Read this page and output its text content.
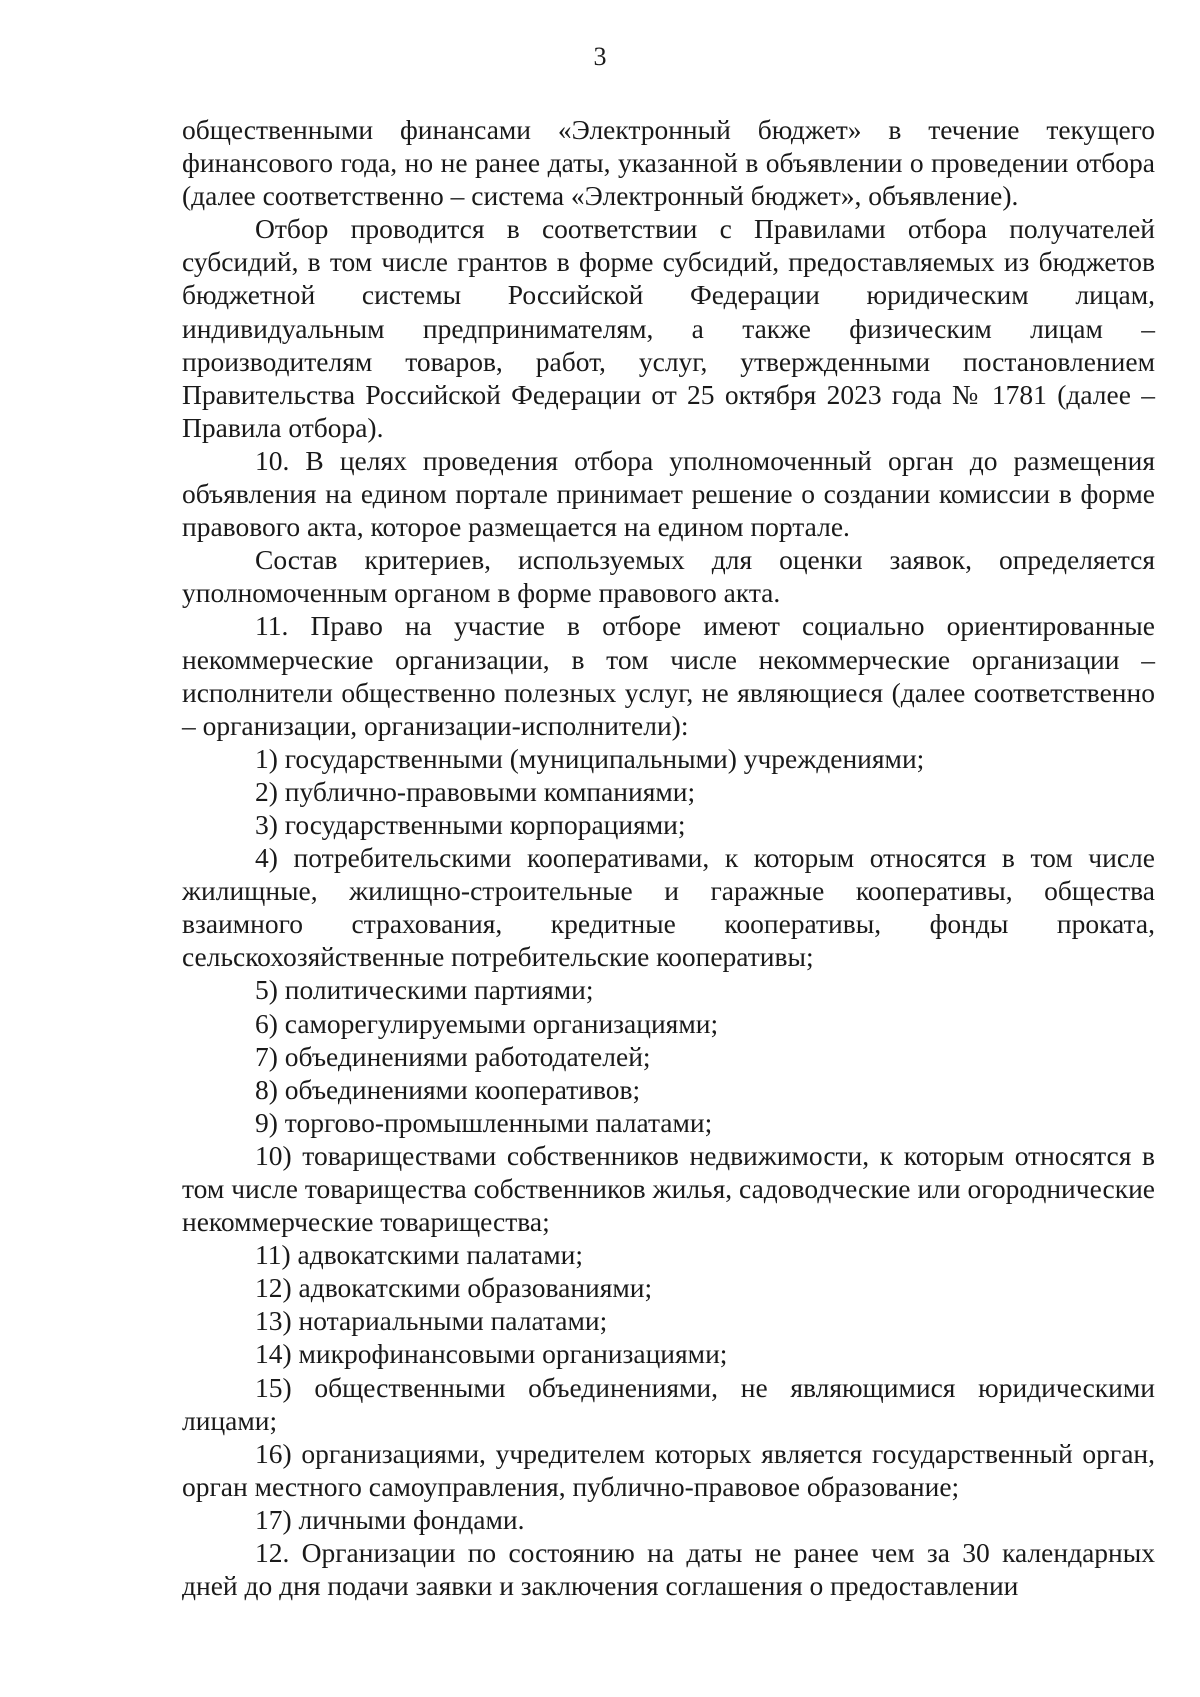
3

общественными финансами «Электронный бюджет» в течение текущего финансового года, но не ранее даты, указанной в объявлении о проведении отбора (далее соответственно – система «Электронный бюджет», объявление).

Отбор проводится в соответствии с Правилами отбора получателей субсидий, в том числе грантов в форме субсидий, предоставляемых из бюджетов бюджетной системы Российской Федерации юридическим лицам, индивидуальным предпринимателям, а также физическим лицам – производителям товаров, работ, услуг, утвержденными постановлением Правительства Российской Федерации от 25 октября 2023 года № 1781 (далее – Правила отбора).

10. В целях проведения отбора уполномоченный орган до размещения объявления на едином портале принимает решение о создании комиссии в форме правового акта, которое размещается на едином портале.

Состав критериев, используемых для оценки заявок, определяется уполномоченным органом в форме правового акта.

11. Право на участие в отборе имеют социально ориентированные некоммерческие организации, в том числе некоммерческие организации – исполнители общественно полезных услуг, не являющиеся (далее соответственно – организации, организации-исполнители):

1) государственными (муниципальными) учреждениями;

2) публично-правовыми компаниями;

3) государственными корпорациями;

4) потребительскими кооперативами, к которым относятся в том числе жилищные, жилищно-строительные и гаражные кооперативы, общества взаимного страхования, кредитные кооперативы, фонды проката, сельскохозяйственные потребительские кооперативы;

5) политическими партиями;

6) саморегулируемыми организациями;

7) объединениями работодателей;

8) объединениями кооперативов;

9) торгово-промышленными палатами;

10) товариществами собственников недвижимости, к которым относятся в том числе товарищества собственников жилья, садоводческие или огороднические некоммерческие товарищества;

11) адвокатскими палатами;

12) адвокатскими образованиями;

13) нотариальными палатами;

14) микрофинансовыми организациями;

15) общественными объединениями, не являющимися юридическими лицами;

16) организациями, учредителем которых является государственный орган, орган местного самоуправления, публично-правовое образование;

17) личными фондами.

12. Организации по состоянию на даты не ранее чем за 30 календарных дней до дня подачи заявки и заключения соглашения о предоставлении
